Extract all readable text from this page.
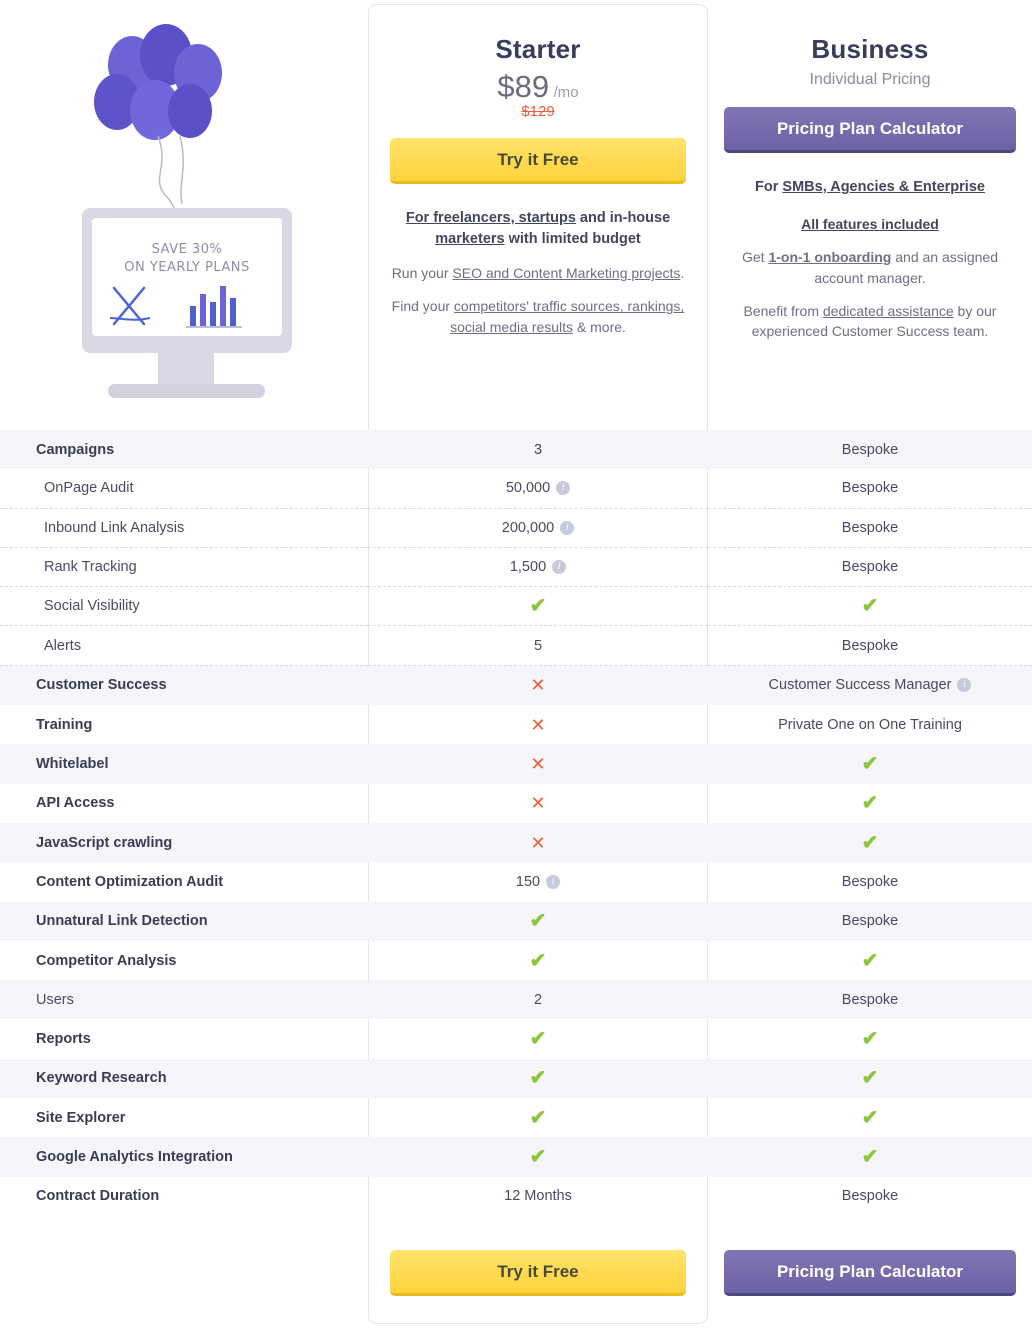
SAVE 30%
ON YEARLY PLANS
Starter
$89 /mo
$129
Try it Free
For freelancers, startups and in-house marketers with limited budget

Run your SEO and Content Marketing projects.

Find your competitors' traffic sources, rankings, social media results & more.

Business
Individual Pricing
Pricing Plan Calculator
For SMBs, Agencies & Enterprise

All features included

Get 1-on-1 onboarding and an assigned account manager.

Benefit from dedicated assistance by our experienced Customer Success team.

Campaigns	3	Bespoke
OnPage Audit	50,000	i	Bespoke
Inbound Link Analysis	200,000	i	Bespoke
Rank Tracking	1,500	i	Bespoke
Social Visibility	✔	✔
Alerts	5	Bespoke
Customer Success	✕	Customer Success Manager	i
Training	✕	Private One on One Training
Whitelabel	✕	✔
API Access	✕	✔
JavaScript crawling	✕	✔
Content Optimization Audit	150	i	Bespoke
Unnatural Link Detection	✔	Bespoke
Competitor Analysis	✔	✔
Users	2	Bespoke
Reports	✔	✔
Keyword Research	✔	✔
Site Explorer	✔	✔
Google Analytics Integration	✔	✔
Contract Duration	12 Months	Bespoke
Try it Free	Pricing Plan Calculator
